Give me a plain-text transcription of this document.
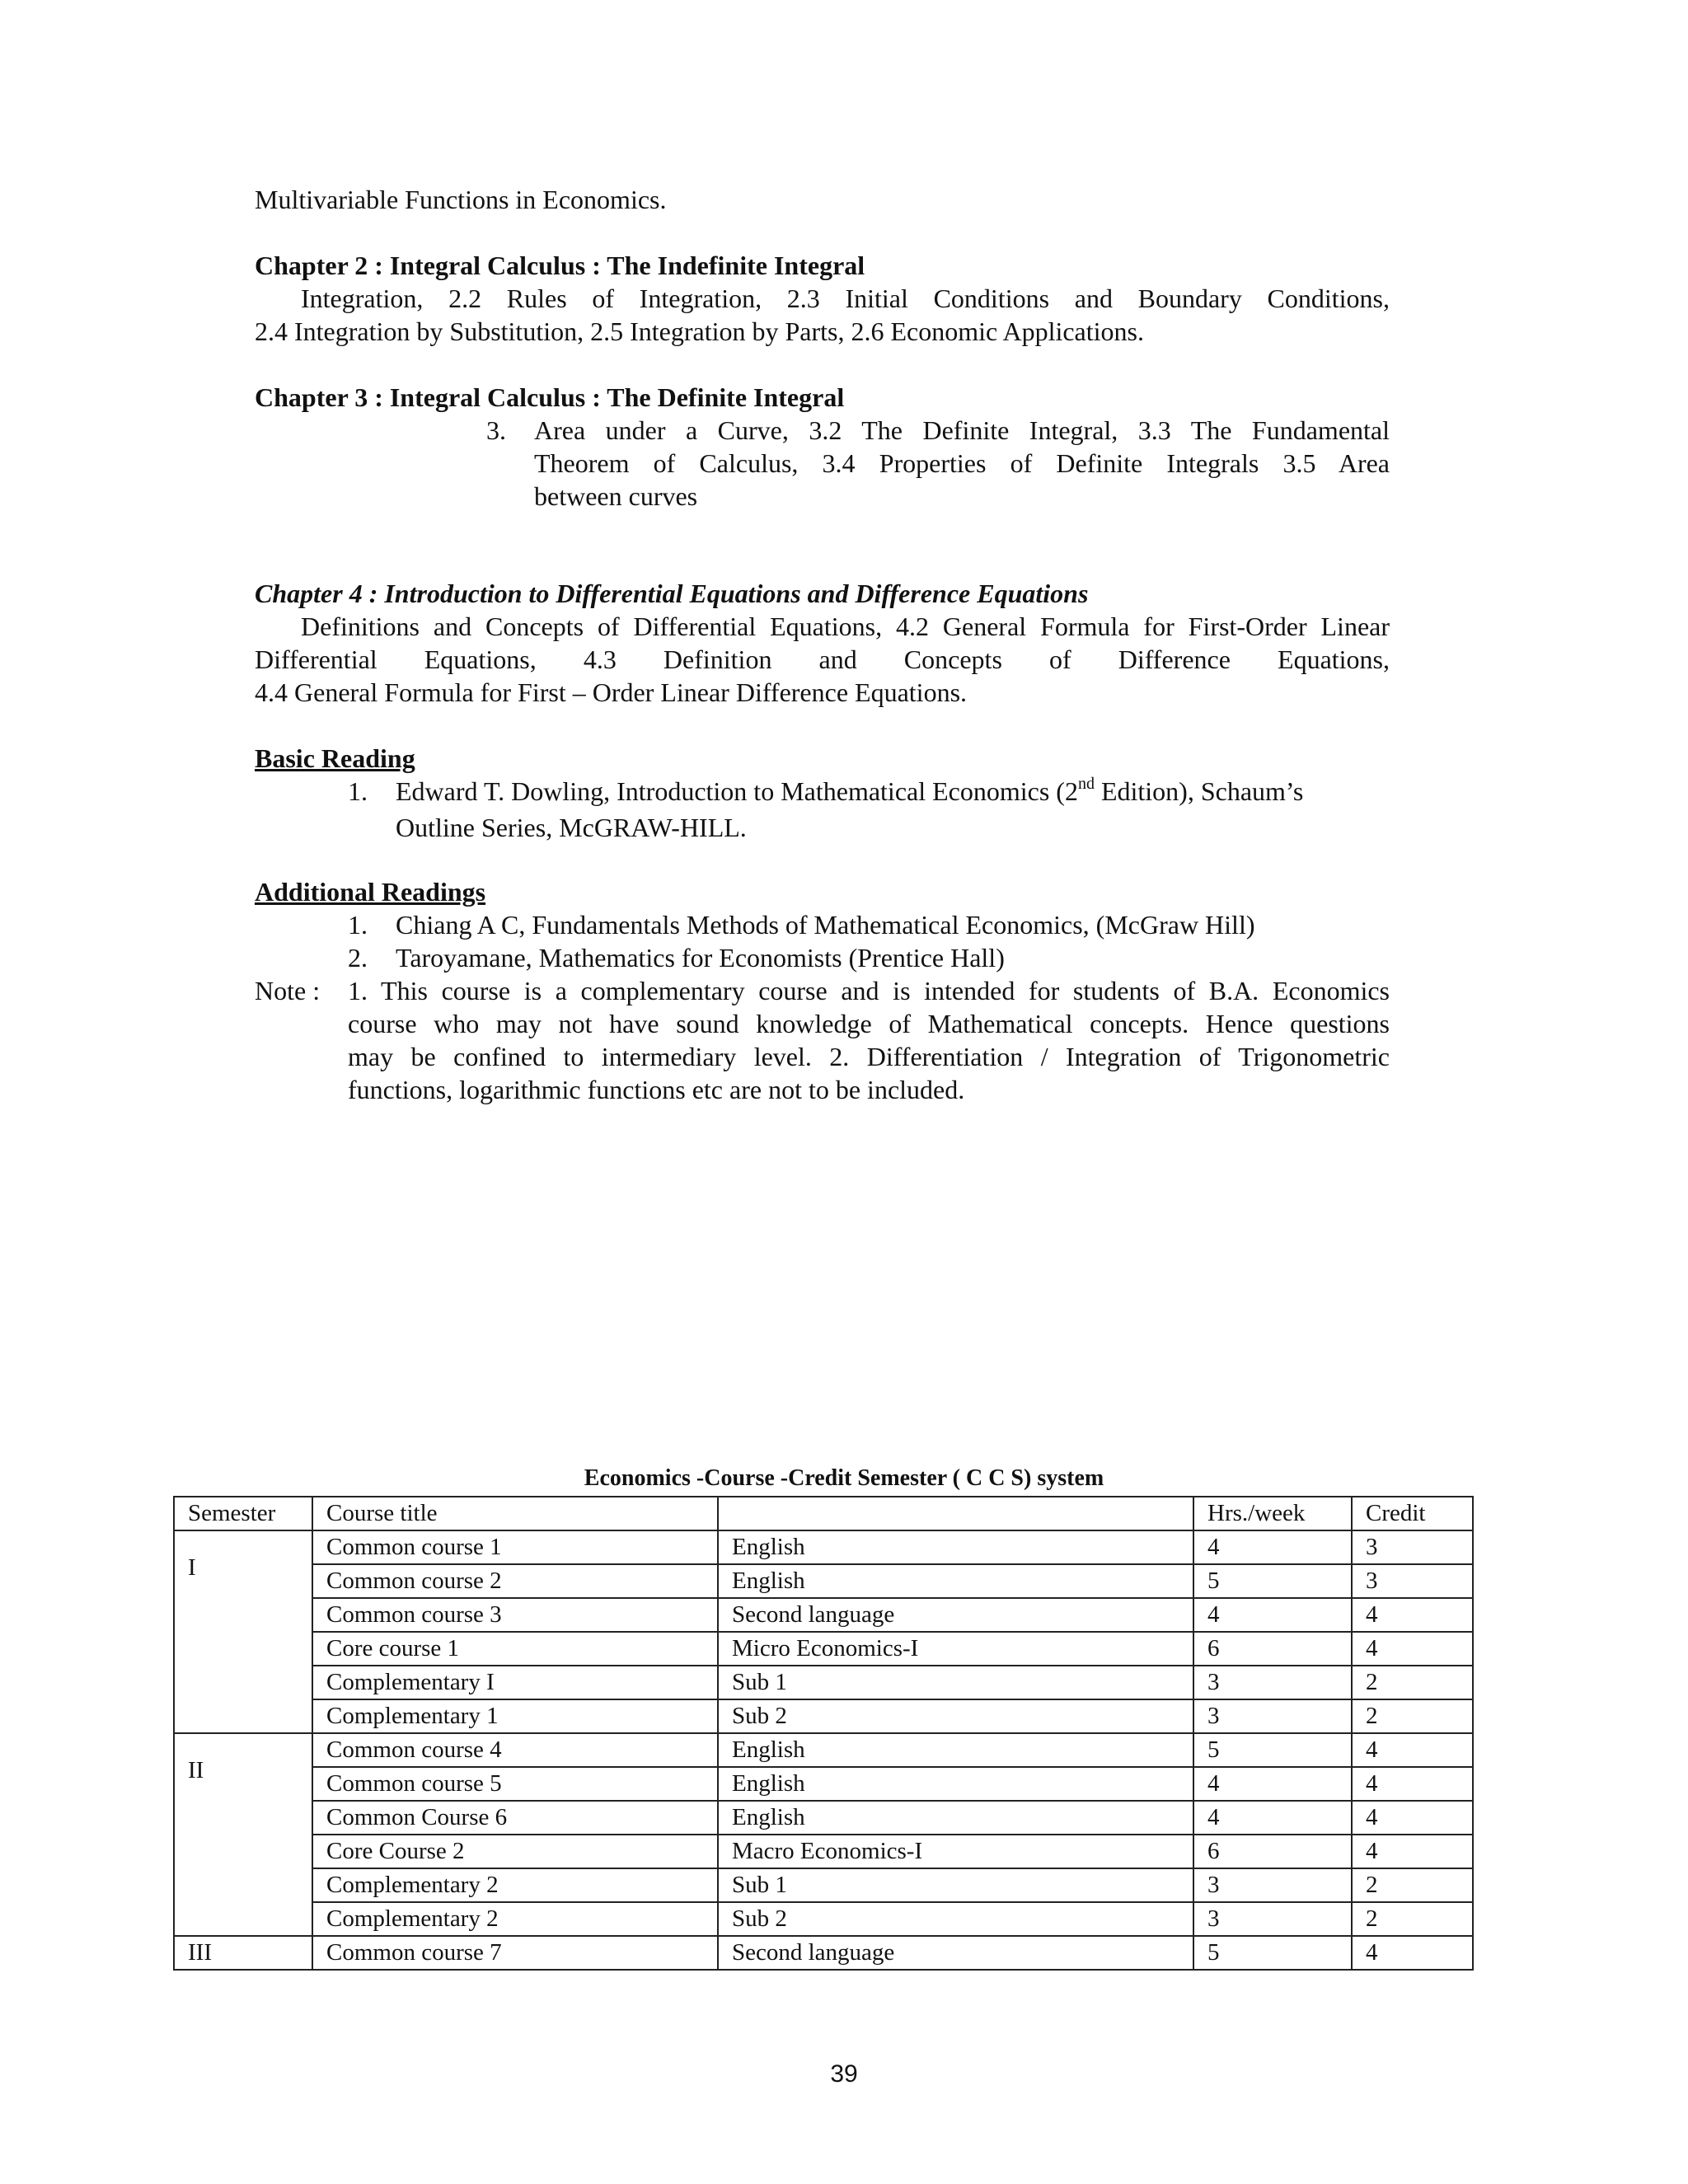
Multivariable Functions in Economics.
Chapter 2 : Integral Calculus : The Indefinite Integral
Integration, 2.2 Rules of Integration, 2.3 Initial Conditions and Boundary Conditions,
2.4 Integration by Substitution, 2.5 Integration by Parts, 2.6 Economic Applications.
Chapter 3 : Integral Calculus : The Definite Integral
3. Area under a Curve, 3.2 The Definite Integral, 3.3 The Fundamental
Theorem of Calculus, 3.4 Properties of Definite Integrals 3.5 Area
between curves
Chapter 4 : Introduction to Differential Equations and Difference Equations
Definitions and Concepts of Differential Equations, 4.2 General Formula for First-Order Linear
Differential Equations, 4.3 Definition and Concepts of Difference Equations,
4.4 General Formula for First – Order Linear Difference Equations.
Basic Reading
1. Edward T. Dowling, Introduction to Mathematical Economics (2nd Edition), Schaum’s
Outline Series, McGRAW-HILL.
Additional Readings
1. Chiang A C, Fundamentals Methods of Mathematical Economics, (McGraw Hill)
2. Taroyamane, Mathematics for Economists (Prentice Hall)
Note : 1. This course is a complementary course and is intended for students of B.A. Economics
course who may not have sound knowledge of Mathematical concepts. Hence questions
may be confined to intermediary level. 2. Differentiation / Integration of Trigonometric
functions, logarithmic functions etc are not to be included.
Economics -Course -Credit Semester ( C C S) system
Semester	Course title		Hrs./week	Credit
I	Common course 1	English	4	3
	Common course 2	English	5	3
	Common course 3	Second language	4	4
	Core course 1	Micro Economics-I	6	4
	Complementary I	Sub 1	3	2
	Complementary 1	Sub 2	3	2
II	Common course 4	English	5	4
	Common course 5	English	4	4
	Common Course 6	English	4	4
	Core Course 2	Macro Economics-I	6	4
	Complementary 2	Sub 1	3	2
	Complementary 2	Sub 2	3	2
III	Common course 7	Second language	5	4
39
